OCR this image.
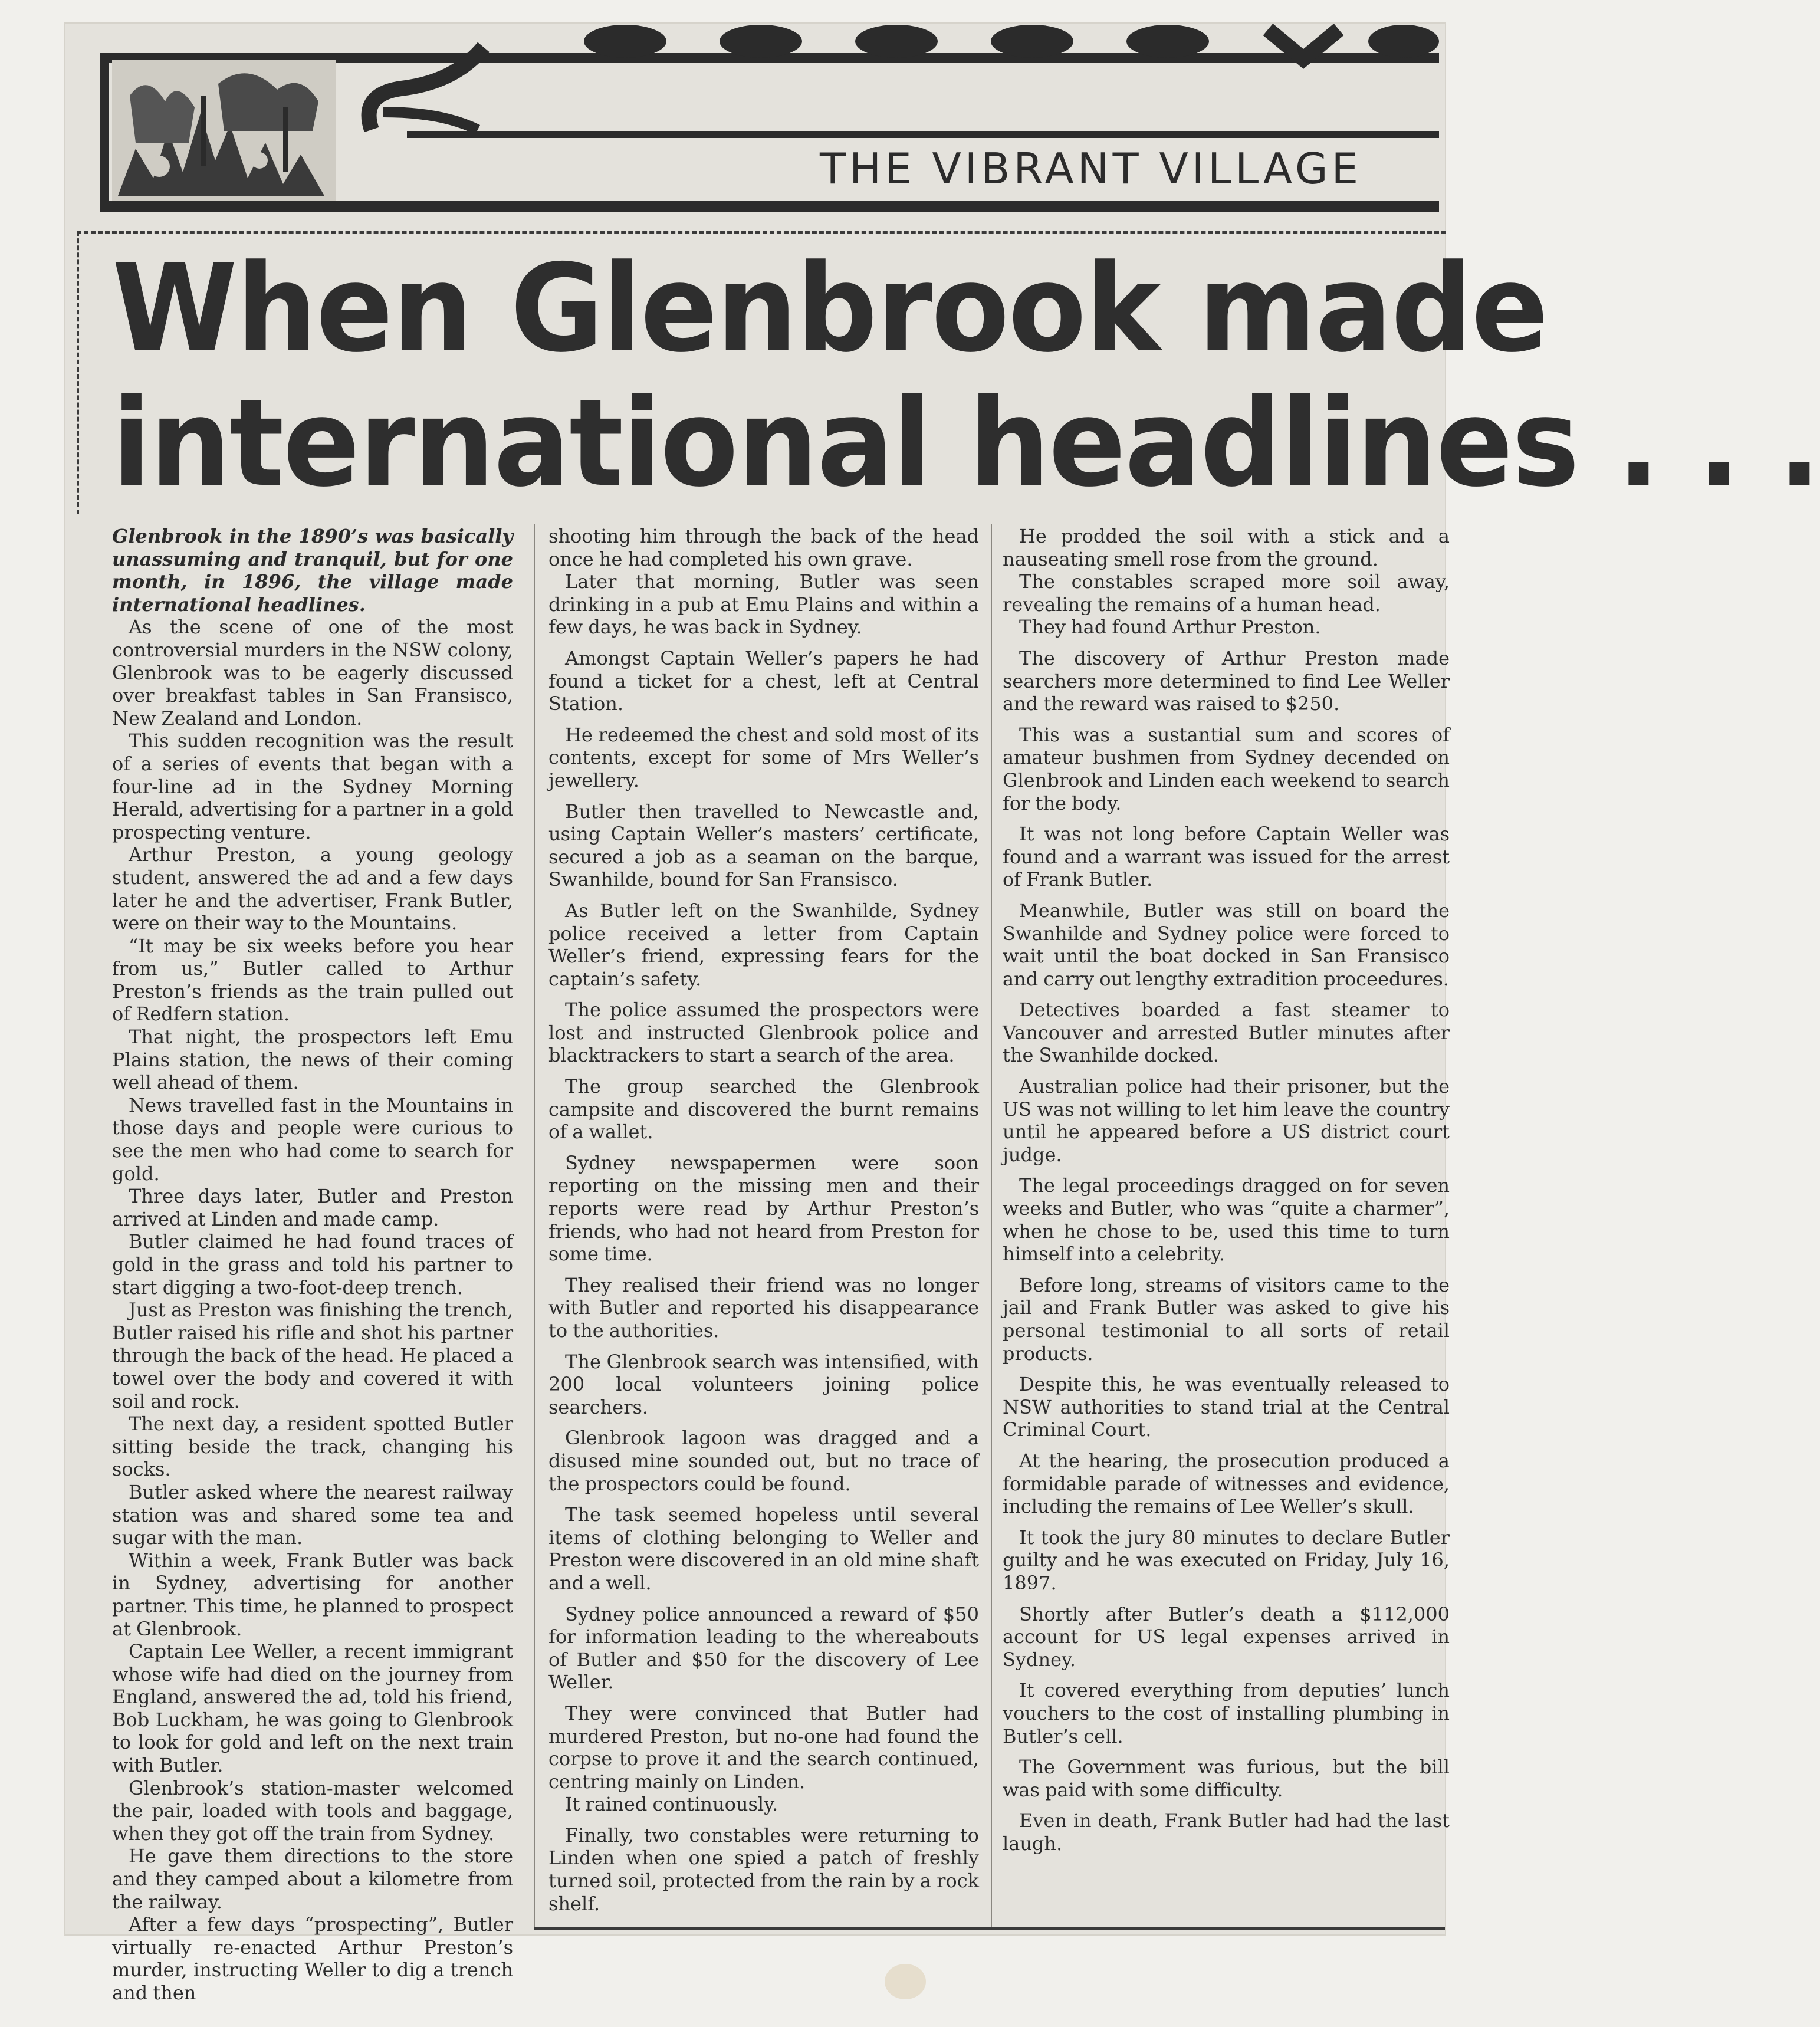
THE VIBRANT VILLAGE
When Glenbrook made
international headlines . . .

Glenbrook in the 1890’s was basically unassuming and tranquil, but for one month, in 1896, the village made international headlines.

As the scene of one of the most controversial murders in the NSW colony, Glenbrook was to be eagerly discussed over breakfast tables in San Fransisco, New Zealand and London.

This sudden recognition was the result of a series of events that began with a four-line ad in the Sydney Morning Herald, advertising for a partner in a gold prospecting venture.

Arthur Preston, a young geology student, answered the ad and a few days later he and the advertiser, Frank Butler, were on their way to the Mountains.

“It may be six weeks before you hear from us,” Butler called to Arthur Preston’s friends as the train pulled out of Redfern station.

That night, the prospectors left Emu Plains station, the news of their coming well ahead of them.

News travelled fast in the Mountains in those days and people were curious to see the men who had come to search for gold.

Three days later, Butler and Preston arrived at Linden and made camp.

Butler claimed he had found traces of gold in the grass and told his partner to start digging a two-foot-deep trench.

Just as Preston was finishing the trench, Butler raised his rifle and shot his partner through the back of the head. He placed a towel over the body and covered it with soil and rock.

The next day, a resident spotted Butler sitting beside the track, changing his socks.

Butler asked where the nearest railway station was and shared some tea and sugar with the man.

Within a week, Frank Butler was back in Sydney, advertising for another partner. This time, he planned to prospect at Glenbrook.

Captain Lee Weller, a recent immigrant whose wife had died on the journey from England, answered the ad, told his friend, Bob Luckham, he was going to Glenbrook to look for gold and left on the next train with Butler.

Glenbrook’s station-master welcomed the pair, loaded with tools and baggage, when they got off the train from Sydney.

He gave them directions to the store and they camped about a kilometre from the railway.

After a few days “prospecting”, Butler virtually re-enacted Arthur Preston’s murder, instructing Weller to dig a trench and then

shooting him through the back of the head once he had completed his own grave.

Later that morning, Butler was seen drinking in a pub at Emu Plains and within a few days, he was back in Sydney.

Amongst Captain Weller’s papers he had found a ticket for a chest, left at Central Station.

He redeemed the chest and sold most of its contents, except for some of Mrs Weller’s jewellery.

Butler then travelled to Newcastle and, using Captain Weller’s masters’ certificate, secured a job as a seaman on the barque, Swanhilde, bound for San Fransisco.

As Butler left on the Swanhilde, Sydney police received a letter from Captain Weller’s friend, expressing fears for the captain’s safety.

The police assumed the prospectors were lost and instructed Glenbrook police and blacktrackers to start a search of the area.

The group searched the Glenbrook campsite and discovered the burnt remains of a wallet.

Sydney newspapermen were soon reporting on the missing men and their reports were read by Arthur Preston’s friends, who had not heard from Preston for some time.

They realised their friend was no longer with Butler and reported his disappearance to the authorities.

The Glenbrook search was intensified, with 200 local volunteers joining police searchers.

Glenbrook lagoon was dragged and a disused mine sounded out, but no trace of the prospectors could be found.

The task seemed hopeless until several items of clothing belonging to Weller and Preston were discovered in an old mine shaft and a well.

Sydney police announced a reward of $50 for information leading to the whereabouts of Butler and $50 for the discovery of Lee Weller.

They were convinced that Butler had murdered Preston, but no-one had found the corpse to prove it and the search continued, centring mainly on Linden.

It rained continuously.

Finally, two constables were returning to Linden when one spied a patch of freshly turned soil, protected from the rain by a rock shelf.

He prodded the soil with a stick and a nauseating smell rose from the ground.

The constables scraped more soil away, revealing the remains of a human head.

They had found Arthur Preston.

The discovery of Arthur Preston made searchers more determined to find Lee Weller and the reward was raised to $250.

This was a sustantial sum and scores of amateur bushmen from Sydney decended on Glenbrook and Linden each weekend to search for the body.

It was not long before Captain Weller was found and a warrant was issued for the arrest of Frank Butler.

Meanwhile, Butler was still on board the Swanhilde and Sydney police were forced to wait until the boat docked in San Fransisco and carry out lengthy extradition proceedures.

Detectives boarded a fast steamer to Vancouver and arrested Butler minutes after the Swanhilde docked.

Australian police had their prisoner, but the US was not willing to let him leave the country until he appeared before a US district court judge.

The legal proceedings dragged on for seven weeks and Butler, who was “quite a charmer”, when he chose to be, used this time to turn himself into a celebrity.

Before long, streams of visitors came to the jail and Frank Butler was asked to give his personal testimonial to all sorts of retail products.

Despite this, he was eventually released to NSW authorities to stand trial at the Central Criminal Court.

At the hearing, the prosecution produced a formidable parade of witnesses and evidence, including the remains of Lee Weller’s skull.

It took the jury 80 minutes to declare Butler guilty and he was executed on Friday, July 16, 1897.

Shortly after Butler’s death a $112,000 account for US legal expenses arrived in Sydney.

It covered everything from deputies’ lunch vouchers to the cost of installing plumbing in Butler’s cell.

The Government was furious, but the bill was paid with some difficulty.

Even in death, Frank Butler had had the last laugh.
